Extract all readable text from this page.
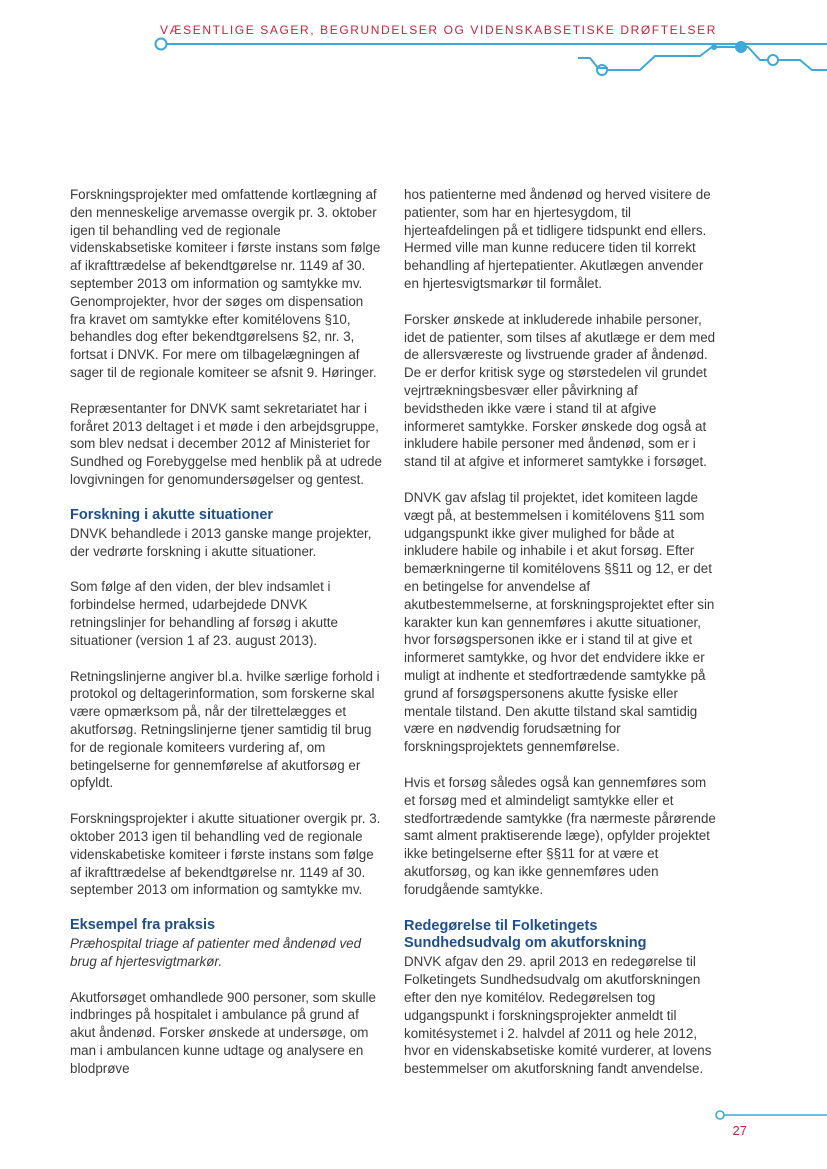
VÆSENTLIGE SAGER, BEGRUNDELSER OG VIDENSKABSETISKE DRØFTELSER

Forskningsprojekter med omfattende kortlægning af den menneskelige arvemasse overgik pr. 3. oktober igen til behandling ved de regionale videnskabsetiske komiteer i første instans som følge af ikrafttrædelse af bekendtgørelse nr. 1149 af 30. september 2013 om information og samtykke mv. Genomprojekter, hvor der søges om dispensation fra kravet om samtykke efter komitélovens §10, behandles dog efter bekendtgørelsens §2, nr. 3, fortsat i DNVK. For mere om tilbagelægningen af sager til de regionale komiteer se afsnit 9. Høringer.

Repræsentanter for DNVK samt sekretariatet har i foråret 2013 deltaget i et møde i den arbejdsgruppe, som blev nedsat i december 2012 af Ministeriet for Sundhed og Forebyggelse med henblik på at udrede lovgivningen for genomundersøgelser og gentest.

Forskning i akutte situationer

DNVK behandlede i 2013 ganske mange projekter, der vedrørte forskning i akutte situationer.

Som følge af den viden, der blev indsamlet i forbindelse hermed, udarbejdede DNVK retningslinjer for behandling af forsøg i akutte situationer (version 1 af 23. august 2013).

Retningslinjerne angiver bl.a. hvilke særlige forhold i protokol og deltagerinformation, som forskerne skal være opmærksom på, når der tilrettelægges et akutforsøg. Retningslinjerne tjener samtidig til brug for de regionale komiteers vurdering af, om betingelserne for gennemførelse af akutforsøg er opfyldt.

Forskningsprojekter i akutte situationer overgik pr. 3. oktober 2013 igen til behandling ved de regionale videnskabetiske komiteer i første instans som følge af ikrafttrædelse af bekendtgørelse nr. 1149 af 30. september 2013 om information og samtykke mv.

Eksempel fra praksis

Præhospital triage af patienter med åndenød ved brug af hjertesvigtmarkør.

Akutforsøget omhandlede 900 personer, som skulle indbringes på hospitalet i ambulance på grund af akut åndenød. Forsker ønskede at undersøge, om man i ambulancen kunne udtage og analysere en blodprøve

hos patienterne med åndenød og herved visitere de patienter, som har en hjertesygdom, til hjerteafdelingen på et tidligere tidspunkt end ellers. Hermed ville man kunne reducere tiden til korrekt behandling af hjertepatienter. Akutlægen anvender en hjertesvigtsmarkør til formålet.

Forsker ønskede at inkluderede inhabile personer, idet de patienter, som tilses af akutlæge er dem med de allersværeste og livstruende grader af åndenød. De er derfor kritisk syge og størstedelen vil grundet vejrtrækningsbesvær eller påvirkning af bevidstheden ikke være i stand til at afgive informeret samtykke. Forsker ønskede dog også at inkludere habile personer med åndenød, som er i stand til at afgive et informeret samtykke i forsøget.

DNVK gav afslag til projektet, idet komiteen lagde vægt på, at bestemmelsen i komitélovens §11 som udgangspunkt ikke giver mulighed for både at inkludere habile og inhabile i et akut forsøg. Efter bemærkningerne til komitélovens §§11 og 12, er det en betingelse for anvendelse af akutbestemmelserne, at forskningsprojektet efter sin karakter kun kan gennemføres i akutte situationer, hvor forsøgspersonen ikke er i stand til at give et informeret samtykke, og hvor det endvidere ikke er muligt at indhente et stedfortrædende samtykke på grund af forsøgspersonens akutte fysiske eller mentale tilstand. Den akutte tilstand skal samtidig være en nødvendig forudsætning for forskningsprojektets gennemførelse.

Hvis et forsøg således også kan gennemføres som et forsøg med et almindeligt samtykke eller et stedfortrædende samtykke (fra nærmeste pårørende samt alment praktiserende læge), opfylder projektet ikke betingelserne efter §§11 for at være et akutforsøg, og kan ikke gennemføres uden forudgående samtykke.

Redegørelse til Folketingets Sundhedsudvalg om akutforskning

DNVK afgav den 29. april 2013 en redegørelse til Folketingets Sundhedsudvalg om akutforskningen efter den nye komitélov. Redegørelsen tog udgangspunkt i forskningsprojekter anmeldt til komitésystemet i 2. halvdel af 2011 og hele 2012, hvor en videnskabsetiske komité vurderer, at lovens bestemmelser om akutforskning fandt anvendelse.

27
